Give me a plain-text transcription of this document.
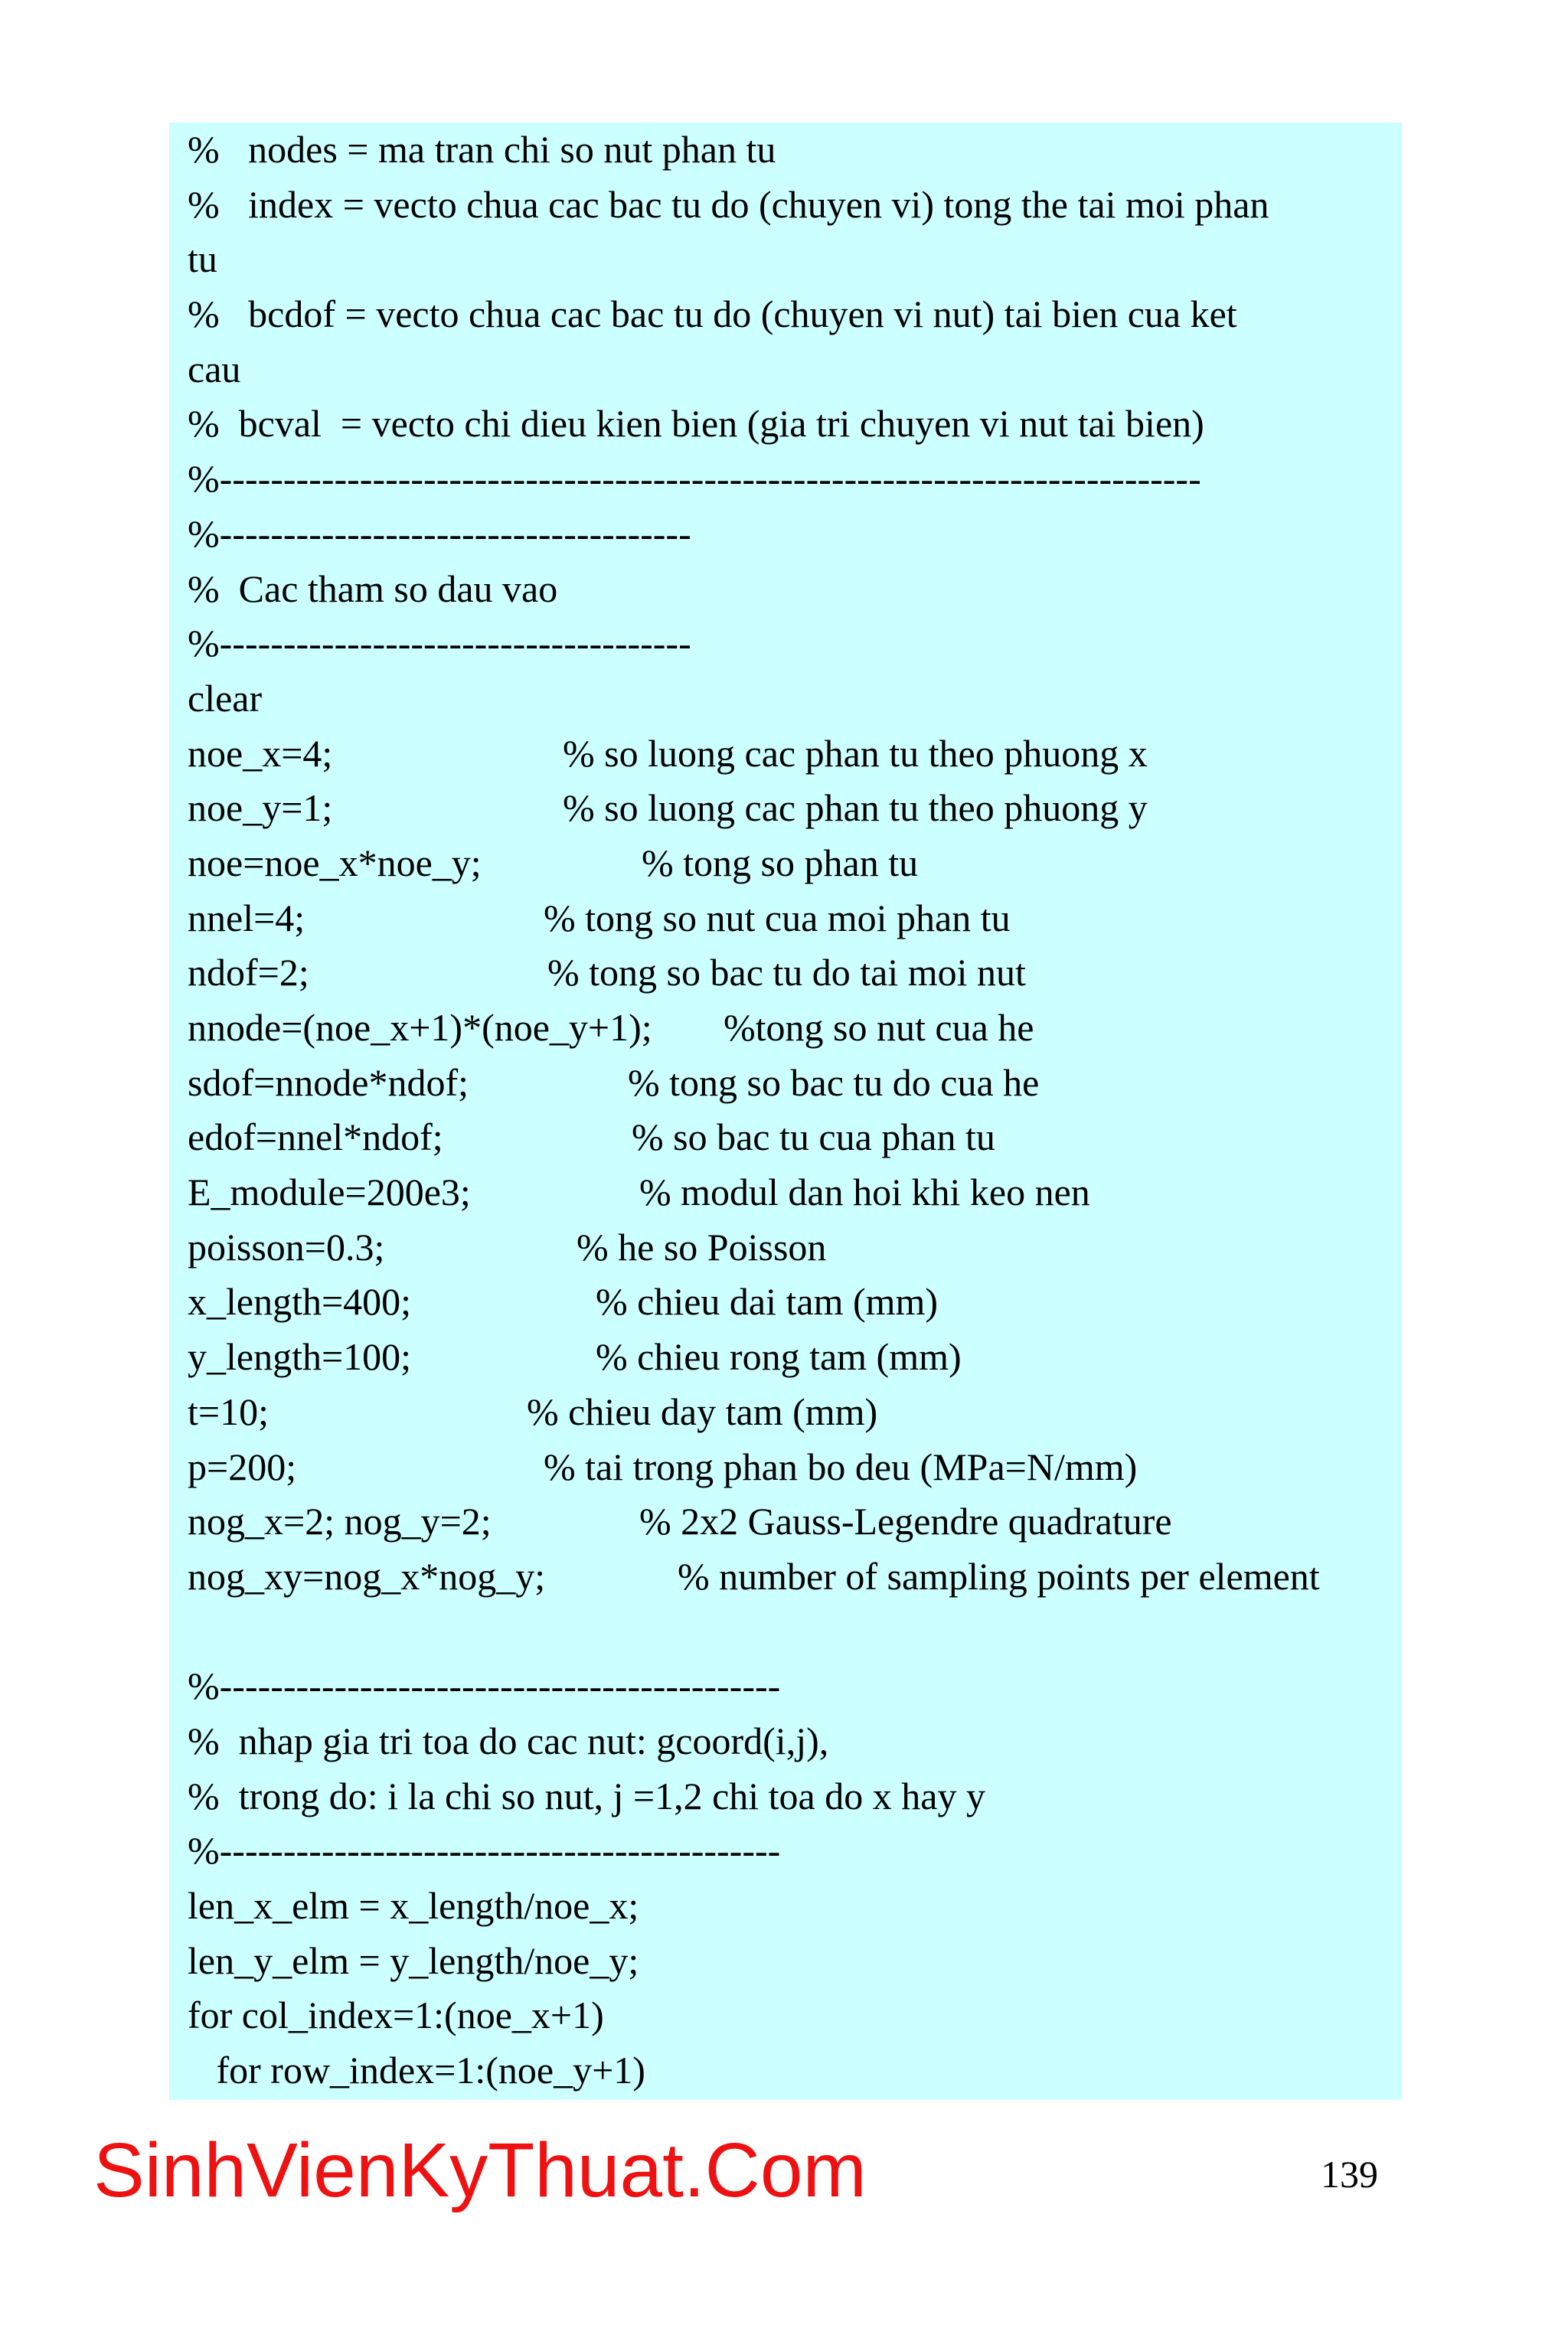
%   nodes = ma tran chi so nut phan tu
%   index = vecto chua cac bac tu do (chuyen vi) tong the tai moi phan
tu
%   bcdof = vecto chua cac bac tu do (chuyen vi nut) tai bien cua ket
cau
%  bcval  = vecto chi dieu kien bien (gia tri chuyen vi nut tai bien)
%-----------------------------------------------------------------------------
%-------------------------------------
%  Cac tham so dau vao
%-------------------------------------
clear
noe_x=4;	% so luong cac phan tu theo phuong x
noe_y=1;	% so luong cac phan tu theo phuong y
noe=noe_x*noe_y;	% tong so phan tu
nnel=4;	% tong so nut cua moi phan tu
ndof=2;	% tong so bac tu do tai moi nut
nnode=(noe_x+1)*(noe_y+1); %tong so nut cua he
sdof=nnode*ndof;	% tong so bac tu do cua he
edof=nnel*ndof;	% so bac tu cua phan tu
E_module=200e3;	% modul dan hoi khi keo nen
poisson=0.3;	% he so Poisson
x_length=400;	% chieu dai tam (mm)
y_length=100;	% chieu rong tam (mm)
t=10;	% chieu day tam (mm)
p=200;	% tai trong phan bo deu (MPa=N/mm)
nog_x=2; nog_y=2;	% 2x2 Gauss-Legendre quadrature
nog_xy=nog_x*nog_y;	% number of sampling points per element
%--------------------------------------------
%  nhap gia tri toa do cac nut: gcoord(i,j),
%  trong do: i la chi so nut, j =1,2 chi toa do x hay y
%--------------------------------------------
len_x_elm = x_length/noe_x;
len_y_elm = y_length/noe_y;
for col_index=1:(noe_x+1)
for row_index=1:(noe_y+1)
SinhVienKyThuat.Com	139
